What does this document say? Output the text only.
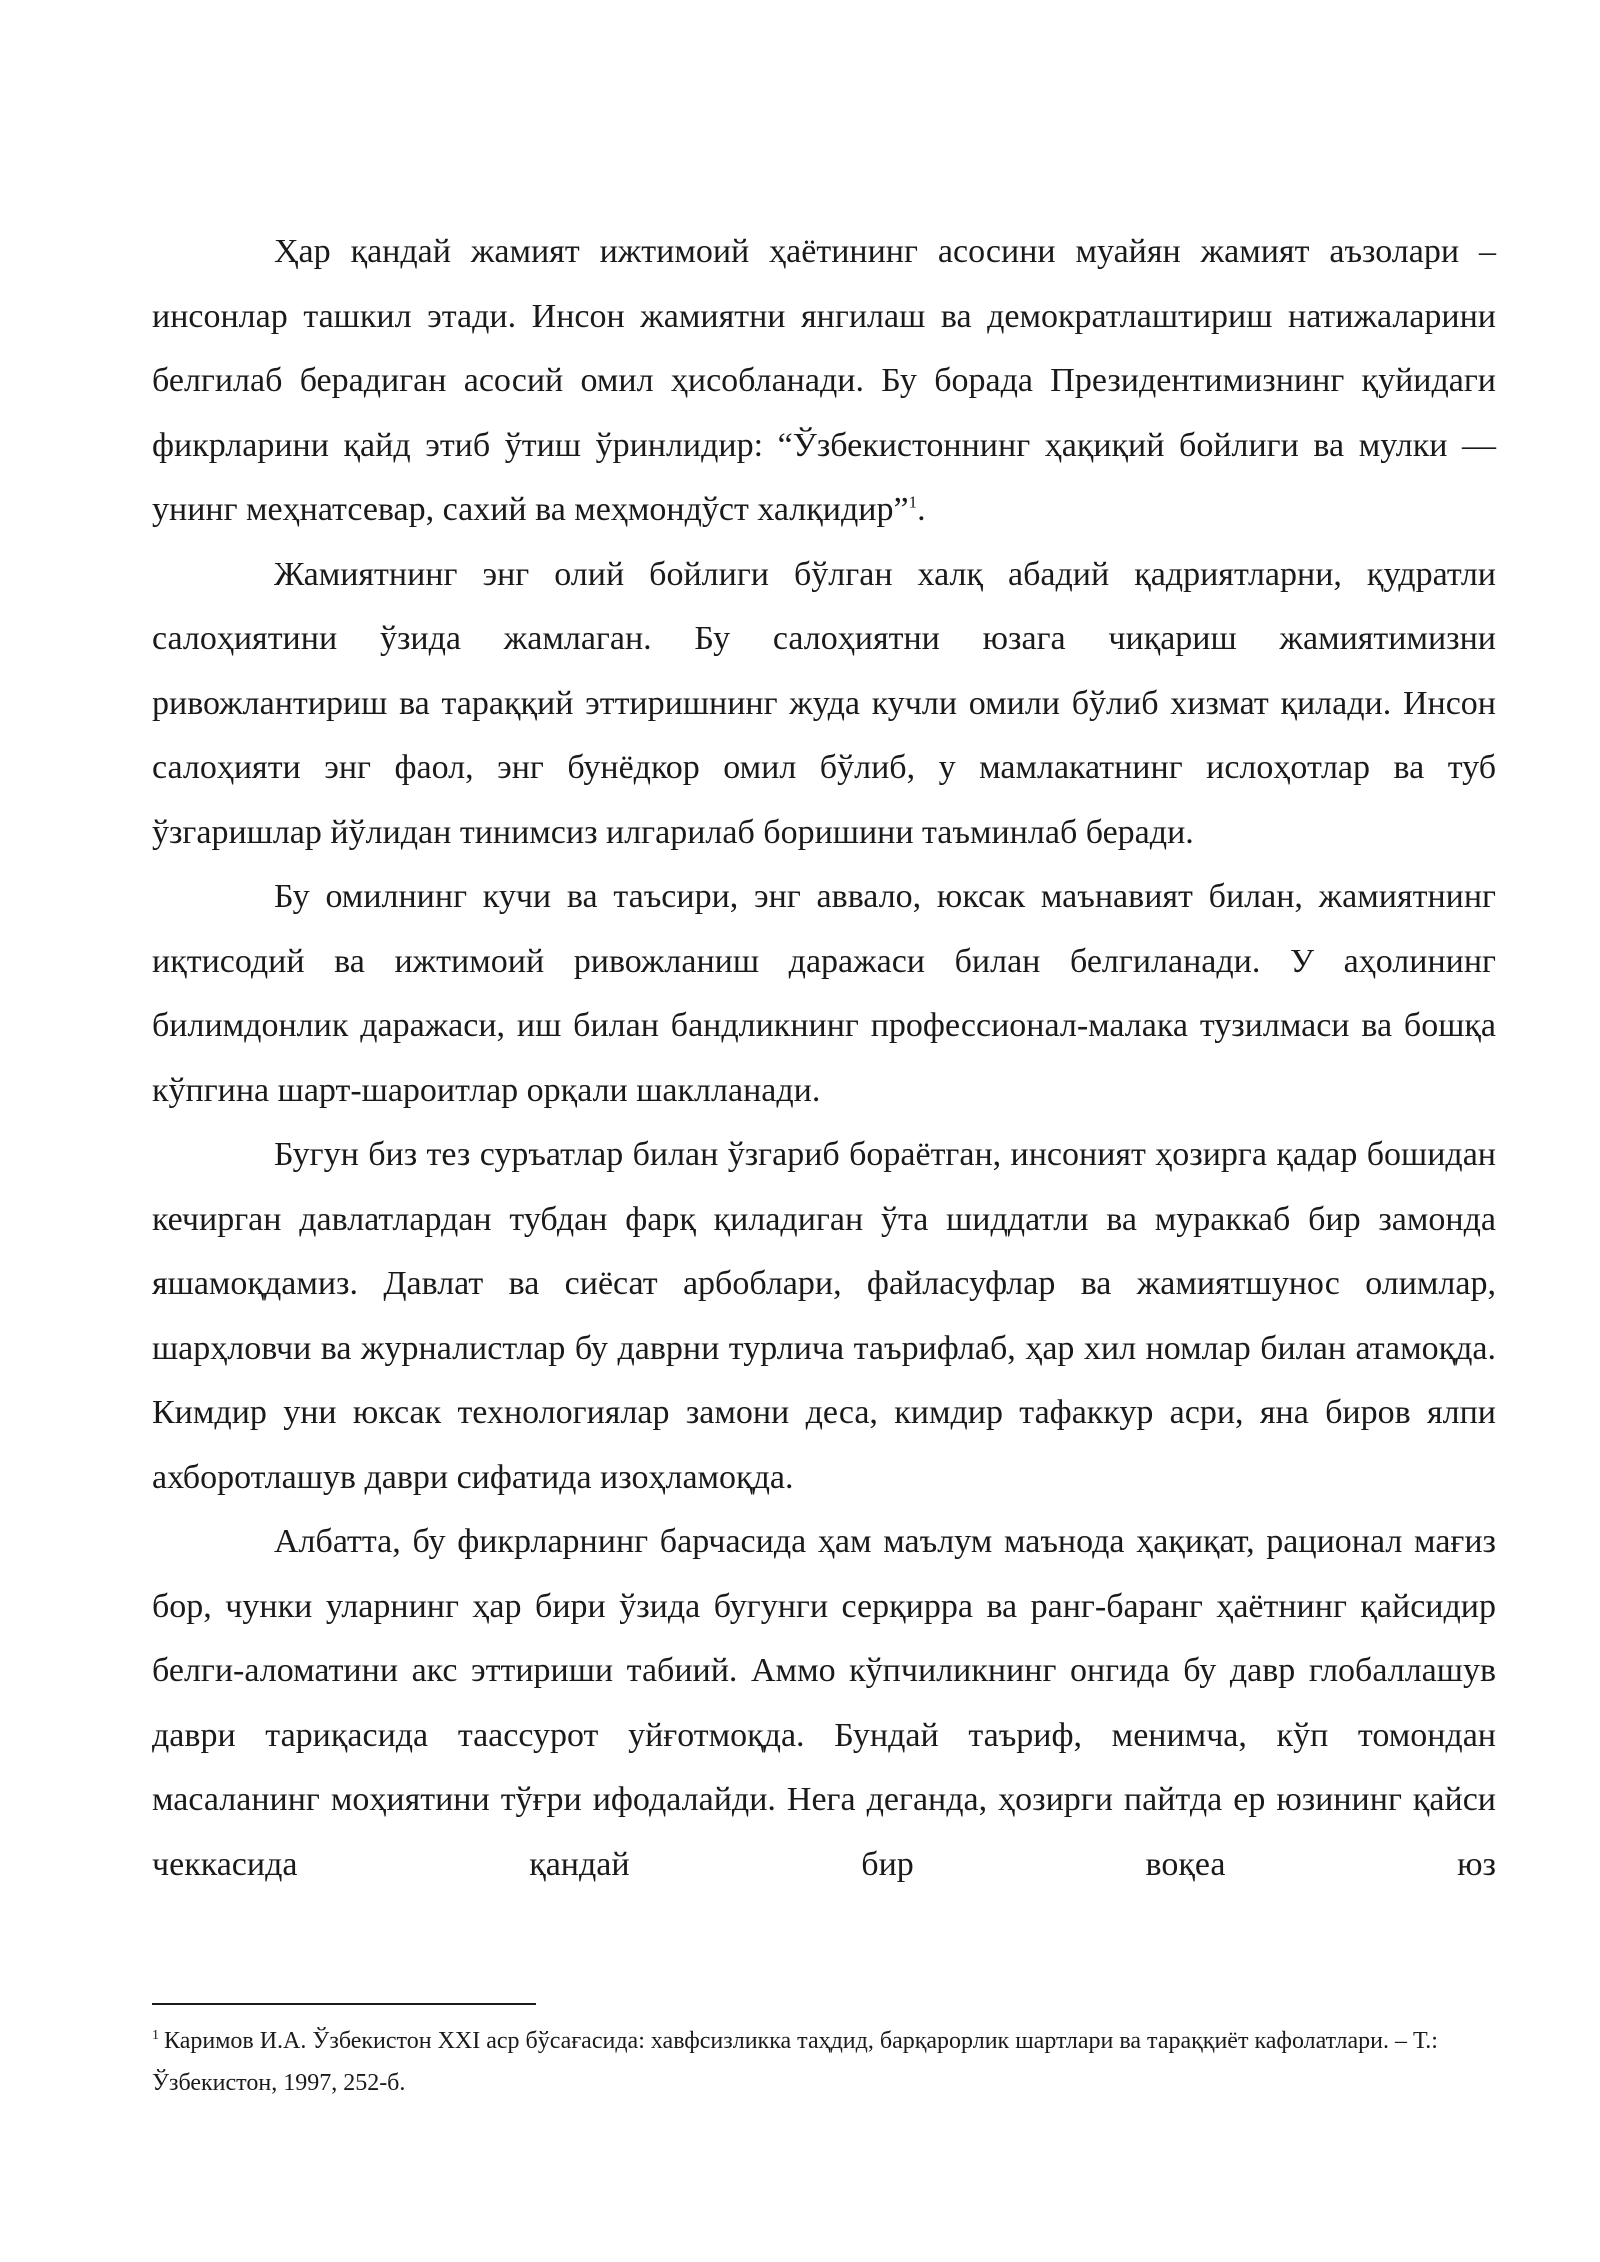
Ҳар қандай жамият ижтимоий ҳаётининг асосини муайян жамият аъзолари – инсонлар ташкил этади. Инсон жамиятни янгилаш ва демократлаштириш натижаларини белгилаб берадиган асосий омил ҳисобланади. Бу борада Президентимизнинг қуйидаги фикрларини қайд этиб ўтиш ўринлидир: “Ўзбекистоннинг ҳақиқий бойлиги ва мулки — унинг меҳнатсевар, сахий ва меҳмондўст халқидир”$^1$.

Жамиятнинг энг олий бойлиги бўлган халқ абадий қадриятларни, қудратли салоҳиятини ўзида жамлаган. Бу салоҳиятни юзага чиқариш жамиятимизни ривожлантириш ва тараққий эттиришнинг жуда кучли омили бўлиб хизмат қилади. Инсон салоҳияти энг фаол, энг бунёдкор омил бўлиб, у мамлакатнинг ислоҳотлар ва туб ўзгаришлар йўлидан тинимсиз илгарилаб боришини таъминлаб беради.

Бу омилнинг кучи ва таъсири, энг аввало, юксак маънавият билан, жамиятнинг иқтисодий ва ижтимоий ривожланиш даражаси билан белгиланади. У аҳолининг билимдонлик даражаси, иш билан бандликнинг профессионал-малака тузилмаси ва бошқа кўпгина шарт-шароитлар орқали шаклланади.

Бугун биз тез суръатлар билан ўзгариб бораётган, инсоният ҳозирга қадар бошидан кечирган давлатлардан тубдан фарқ қиладиган ўта шиддатли ва мураккаб бир замонда яшамоқдамиз. Давлат ва сиёсат арбоблари, файласуфлар ва жамиятшунос олимлар, шарҳловчи ва журналистлар бу даврни турлича таърифлаб, ҳар хил номлар билан атамоқда. Кимдир уни юксак технологиялар замони деса, кимдир тафаккур асри, яна биров ялпи ахборотлашув даври сифатида изоҳламоқда.

Албатта, бу фикрларнинг барчасида ҳам маълум маънода ҳақиқат, рационал мағиз бор, чунки уларнинг ҳар бири ўзида бугунги серқирра ва ранг-баранг ҳаётнинг қайсидир белги-аломатини акс эттириши табиий. Аммо кўпчиликнинг онгида бу давр глобаллашув даври тариқасида таассурот уйғотмоқда. Бундай таъриф, менимча, кўп томондан масаланинг моҳиятини тўғри ифодалайди. Нега деганда, ҳозирги пайтда ер юзининг қайси чеккасида қандай бир воқеа юз

$^1$ Каримов И.А. Ўзбекистон XXI аср бўсағасида: хавфсизликка таҳдид, барқарорлик шартлари ва тараққиёт кафолатлари. – Т.: Ўзбекистон, 1997, 252-б.
